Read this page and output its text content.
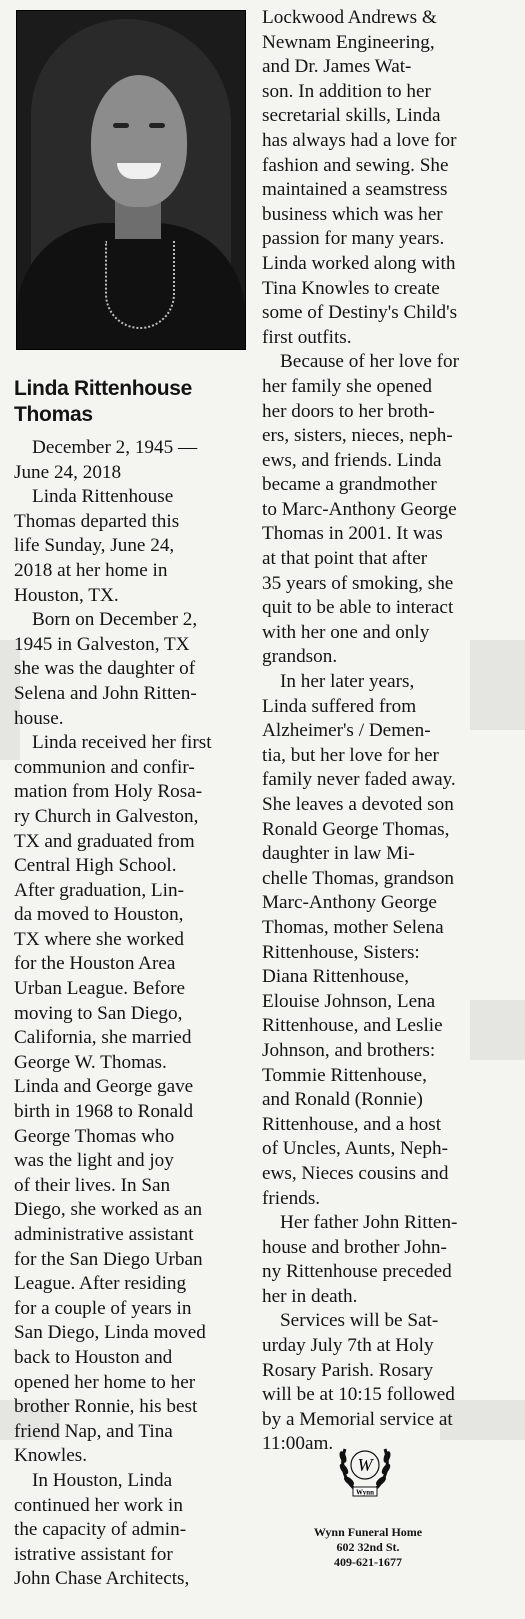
Linda Rittenhouse
Thomas

December 2, 1945 —
June 24, 2018

Linda Rittenhouse
Thomas departed this
life Sunday, June 24,
2018 at her home in
Houston, TX.

Born on December 2,
1945 in Galveston, TX
she was the daughter of
Selena and John Ritten-
house.

Linda received her first
communion and confir-
mation from Holy Rosa-
ry Church in Galveston,
TX and graduated from
Central High School.
After graduation, Lin-
da moved to Houston,
TX where she worked
for the Houston Area
Urban League. Before
moving to San Diego,
California, she married
George W. Thomas.
Linda and George gave
birth in 1968 to Ronald
George Thomas who
was the light and joy
of their lives. In San
Diego, she worked as an
administrative assistant
for the San Diego Urban
League. After residing
for a couple of years in
San Diego, Linda moved
back to Houston and
opened her home to her
brother Ronnie, his best
friend Nap, and Tina
Knowles.

In Houston, Linda
continued her work in
the capacity of admin-
istrative assistant for
John Chase Architects,

Lockwood Andrews &
Newnam Engineering,
and Dr. James Wat-
son. In addition to her
secretarial skills, Linda
has always had a love for
fashion and sewing. She
maintained a seamstress
business which was her
passion for many years.
Linda worked along with
Tina Knowles to create
some of Destiny's Child's
first outfits.

Because of her love for
her family she opened
her doors to her broth-
ers, sisters, nieces, neph-
ews, and friends. Linda
became a grandmother
to Marc-Anthony George
Thomas in 2001. It was
at that point that after
35 years of smoking, she
quit to be able to interact
with her one and only
grandson.

In her later years,
Linda suffered from
Alzheimer's / Demen-
tia, but her love for her
family never faded away.
She leaves a devoted son
Ronald George Thomas,
daughter in law Mi-
chelle Thomas, grandson
Marc-Anthony George
Thomas, mother Selena
Rittenhouse, Sisters:
Diana Rittenhouse,
Elouise Johnson, Lena
Rittenhouse, and Leslie
Johnson, and brothers:
Tommie Rittenhouse,
and Ronald (Ronnie)
Rittenhouse, and a host
of Uncles, Aunts, Neph-
ews, Nieces cousins and
friends.

Her father John Ritten-
house and brother John-
ny Rittenhouse preceded
her in death.

Services will be Sat-
urday July 7th at Holy
Rosary Parish. Rosary
will be at 10:15 followed
by a Memorial service at
11:00am.

W
Wynn
Wynn Funeral Home
602 32nd St.
409-621-1677
